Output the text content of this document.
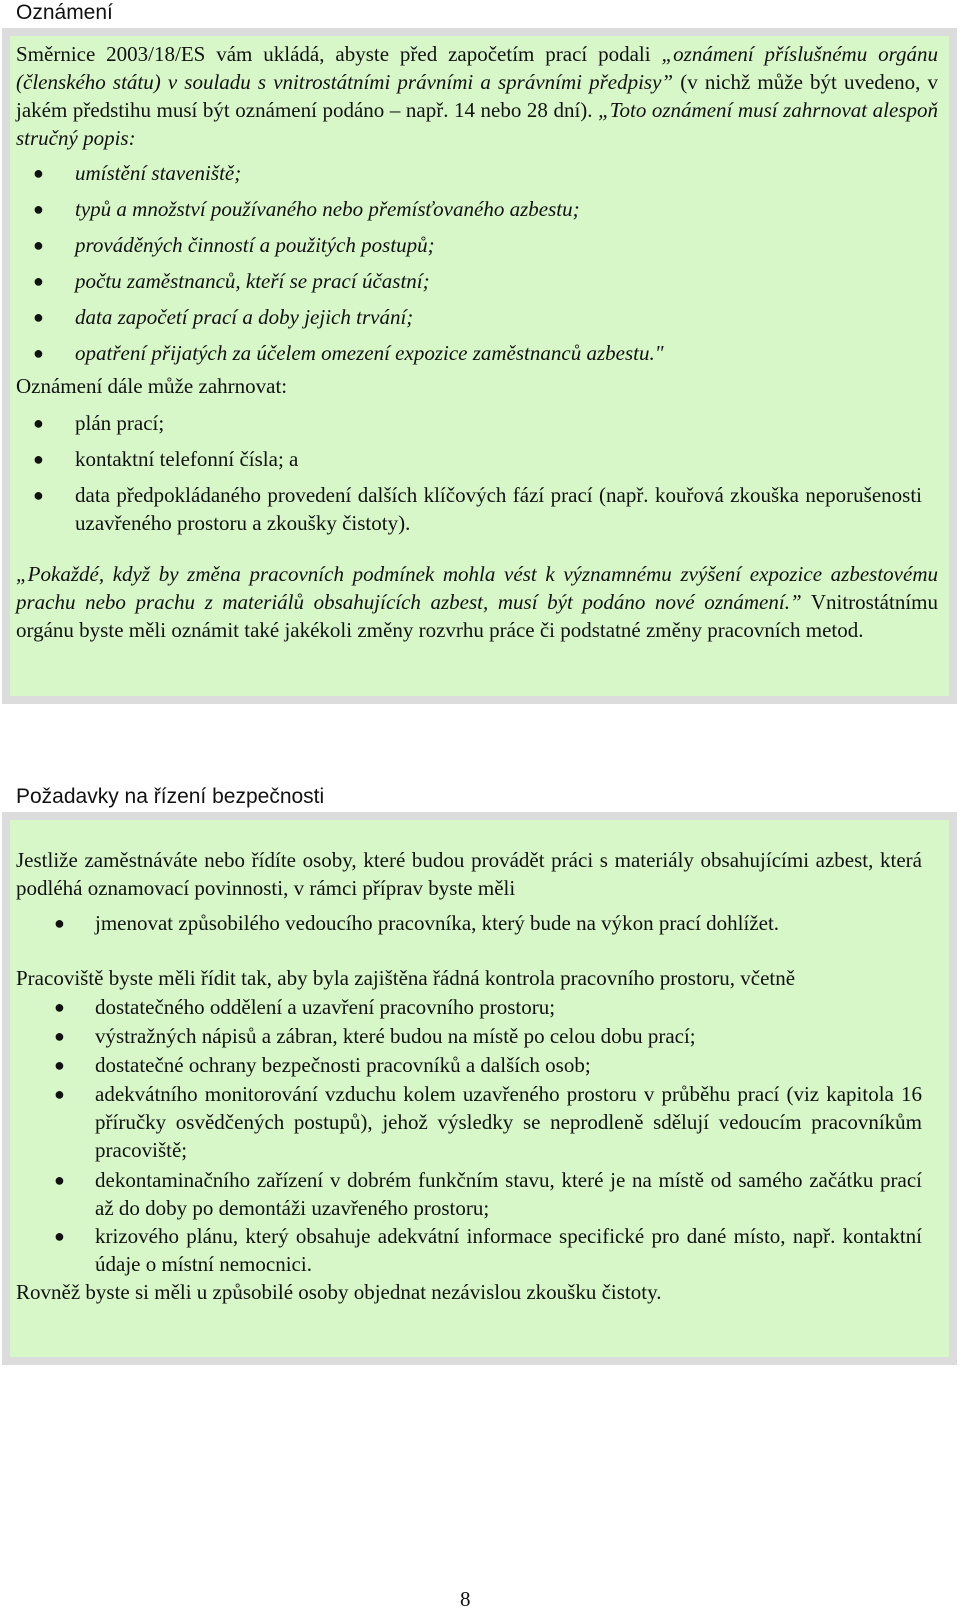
Oznámení

Směrnice 2003/18/ES vám ukládá, abyste před započetím prací podali „oznámení příslušnému orgánu (členského státu) v souladu s vnitrostátními právními a správními předpisy” (v nichž může být uvedeno, v jakém předstihu musí být oznámení podáno – např. 14 nebo 28 dní). „Toto oznámení musí zahrnovat alespoň stručný popis:

● umístění staveniště;
● typů a množství používaného nebo přemísťovaného azbestu;
● prováděných činností a použitých postupů;
● počtu zaměstnanců, kteří se prací účastní;
● data započetí prací a doby jejich trvání;
● opatření přijatých za účelem omezení expozice zaměstnanců azbestu."

Oznámení dále může zahrnovat:

● plán prací;

● kontaktní telefonní čísla; a

● data předpokládaného provedení dalších klíčových fází prací (např. kouřová zkouška neporušenosti uzavřeného prostoru a zkoušky čistoty).

„Pokaždé, když by změna pracovních podmínek mohla vést k významnému zvýšení expozice azbestovému prachu nebo prachu z materiálů obsahujících azbest, musí být podáno nové oznámení.” Vnitrostátnímu orgánu byste měli oznámit také jakékoli změny rozvrhu práce či podstatné změny pracovních metod.

Požadavky na řízení bezpečnosti

Jestliže zaměstnáváte nebo řídíte osoby, které budou provádět práci s materiály obsahujícími azbest, která podléhá oznamovací povinnosti, v rámci příprav byste měli

● jmenovat způsobilého vedoucího pracovníka, který bude na výkon prací dohlížet.

Pracoviště byste měli řídit tak, aby byla zajištěna řádná kontrola pracovního prostoru, včetně

● dostatečného oddělení a uzavření pracovního prostoru;

● výstražných nápisů a zábran, které budou na místě po celou dobu prací;

● dostatečné ochrany bezpečnosti pracovníků a dalších osob;

● adekvátního monitorování vzduchu kolem uzavřeného prostoru v průběhu prací (viz kapitola 16 příručky osvědčených postupů), jehož výsledky se neprodleně sdělují vedoucím pracovníkům pracoviště;

● dekontaminačního zařízení v dobrém funkčním stavu, které je na místě od samého začátku prací až do doby po demontáži uzavřeného prostoru;

● krizového plánu, který obsahuje adekvátní informace specifické pro dané místo, např. kontaktní údaje o místní nemocnici.

Rovněž byste si měli u způsobilé osoby objednat nezávislou zkoušku čistoty.

8
